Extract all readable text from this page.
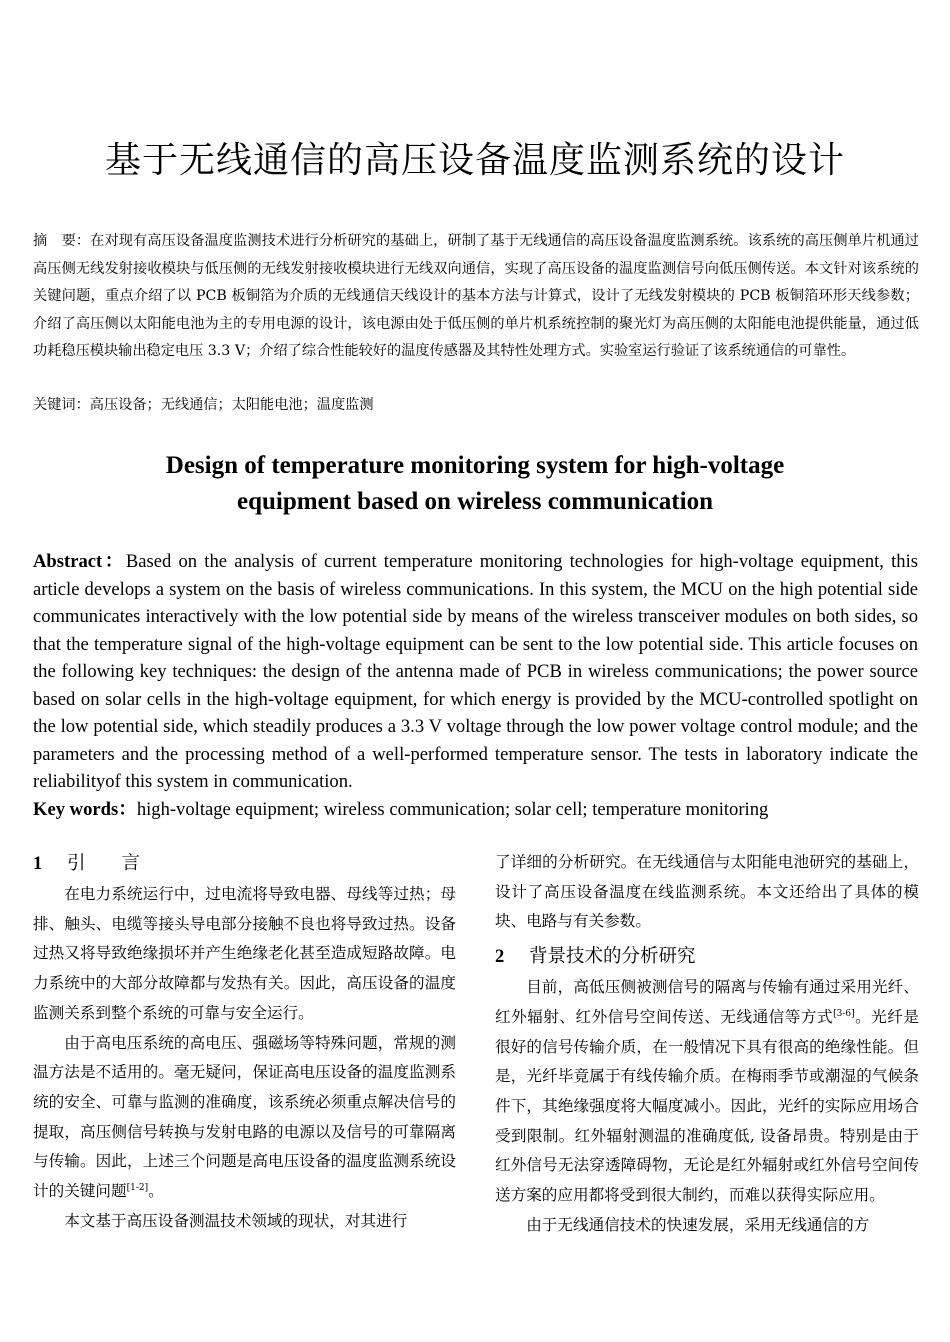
基于无线通信的高压设备温度监测系统的设计
摘　要：在对现有高压设备温度监测技术进行分析研究的基础上，研制了基于无线通信的高压设备温度监测系统。该系统的高压侧单片机通过高压侧无线发射接收模块与低压侧的无线发射接收模块进行无线双向通信，实现了高压设备的温度监测信号向低压侧传送。本文针对该系统的关键问题，重点介绍了以 PCB 板铜箔为介质的无线通信天线设计的基本方法与计算式，设计了无线发射模块的 PCB 板铜箔环形天线参数；介绍了高压侧以太阳能电池为主的专用电源的设计，该电源由处于低压侧的单片机系统控制的聚光灯为高压侧的太阳能电池提供能量，通过低功耗稳压模块输出稳定电压 3.3 V；介绍了综合性能较好的温度传感器及其特性处理方式。实验室运行验证了该系统通信的可靠性。
关键词：高压设备；无线通信；太阳能电池；温度监测
Design of temperature monitoring system for high-voltage
equipment based on wireless communication
Abstract：Based on the analysis of current temperature monitoring technologies for high-voltage equipment, this article develops a system on the basis of wireless communications. In this system, the MCU on the high potential side communicates interactively with the low potential side by means of the wireless transceiver modules on both sides, so that the temperature signal of the high-voltage equipment can be sent to the low potential side. This article focuses on the following key techniques: the design of the antenna made of PCB in wireless communications; the power source based on solar cells in the high-voltage equipment, for which energy is provided by the MCU-controlled spotlight on the low potential side, which steadily produces a 3.3 V voltage through the low power voltage control module; and the parameters and the processing method of a well-performed temperature sensor. The tests in laboratory indicate the reliabilityof this system in communication.
Key words：high-voltage equipment; wireless communication; solar cell; temperature monitoring
1 引言

在电力系统运行中，过电流将导致电器、母线等过热；母排、触头、电缆等接头导电部分接触不良也将导致过热。设备过热又将导致绝缘损坏并产生绝缘老化甚至造成短路故障。电力系统中的大部分故障都与发热有关。因此，高压设备的温度监测关系到整个系统的可靠与安全运行。

由于高电压系统的高电压、强磁场等特殊问题，常规的测温方法是不适用的。毫无疑问，保证高电压设备的温度监测系统的安全、可靠与监测的准确度，该系统必须重点解决信号的提取，高压侧信号转换与发射电路的电源以及信号的可靠隔离与传输。因此，上述三个问题是高电压设备的温度监测系统设计的关键问题[1-2]。

本文基于高压设备测温技术领域的现状，对其进行

了详细的分析研究。在无线通信与太阳能电池研究的基础上，设计了高压设备温度在线监测系统。本文还给出了具体的模块、电路与有关参数。

2 背景技术的分析研究

目前，高低压侧被测信号的隔离与传输有通过采用光纤、红外辐射、红外信号空间传送、无线通信等方式[3-6]。光纤是很好的信号传输介质，在一般情况下具有很高的绝缘性能。但是，光纤毕竟属于有线传输介质。在梅雨季节或潮湿的气候条件下，其绝缘强度将大幅度减小。因此，光纤的实际应用场合受到限制。红外辐射测温的准确度低, 设备昂贵。特别是由于红外信号无法穿透障碍物，无论是红外辐射或红外信号空间传送方案的应用都将受到很大制约，而难以获得实际应用。

由于无线通信技术的快速发展，采用无线通信的方
